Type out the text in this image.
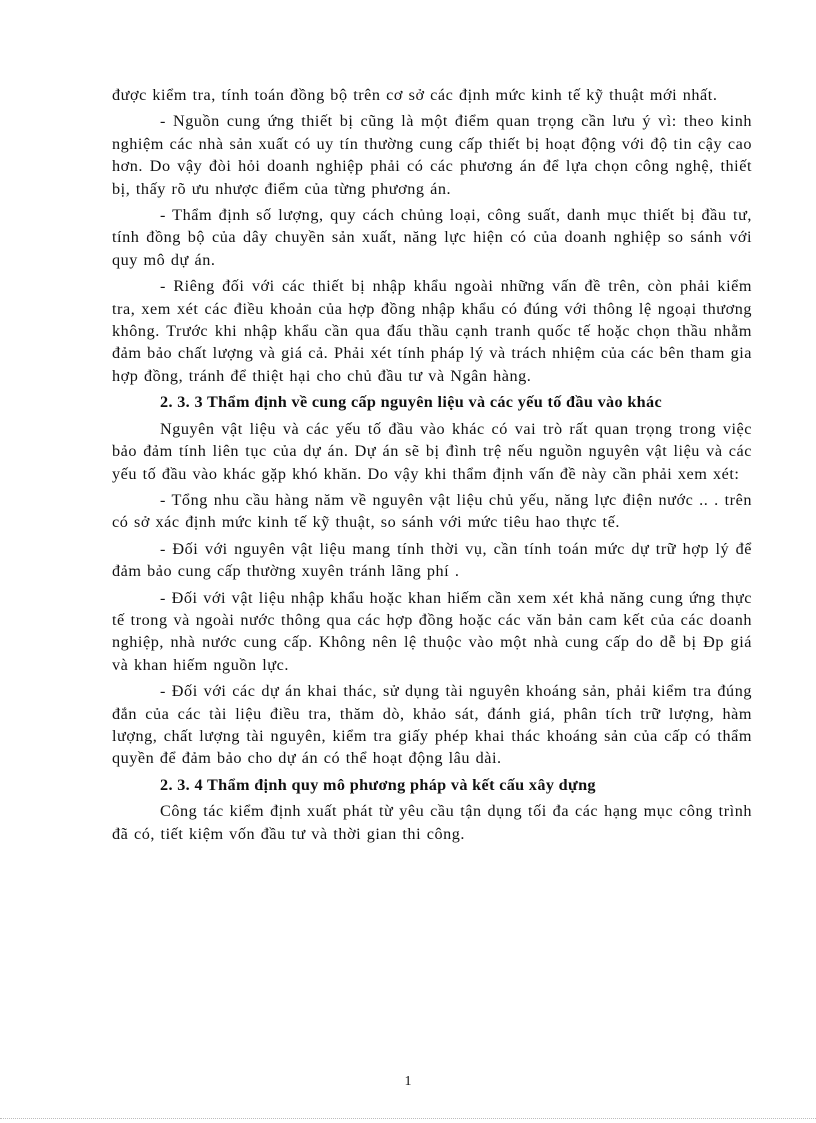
được kiểm tra, tính toán đồng bộ trên cơ sở các định mức kinh tế kỹ thuật mới nhất.

- Nguồn cung ứng thiết bị cũng là một điểm quan trọng cần lưu ý vì: theo kinh nghiệm các nhà sản xuất có uy tín thường cung cấp thiết bị hoạt động với độ tin cậy cao hơn. Do vậy đòi hỏi doanh nghiệp phải có các phương án để lựa chọn công nghệ, thiết bị, thấy rõ ưu nhược điểm của từng phương án.

- Thẩm định số lượng, quy cách chủng loại, công suất, danh mục thiết bị đầu tư, tính đồng bộ của dây chuyền sản xuất, năng lực hiện có của doanh nghiệp so sánh với quy mô dự án.

- Riêng đối với các thiết bị nhập khẩu ngoài những vấn đề trên, còn phải kiểm tra, xem xét các điều khoản của hợp đồng nhập khẩu có đúng với thông lệ ngoại thương không. Trước khi nhập khẩu cần qua đấu thầu cạnh tranh quốc tế hoặc chọn thầu nhằm đảm bảo chất lượng và giá cả. Phải xét tính pháp lý và trách nhiệm của các bên tham gia hợp đồng, tránh để thiệt hại cho chủ đầu tư và Ngân hàng.

2. 3. 3 Thẩm định về cung cấp nguyên liệu và các yếu tố đầu vào khác

Nguyên vật liệu và các yếu tố đầu vào khác có vai trò rất quan trọng trong việc bảo đảm tính liên tục của dự án. Dự án sẽ bị đình trệ nếu nguồn nguyên vật liệu và các yếu tố đầu vào khác gặp khó khăn. Do vậy khi thẩm định vấn đề này cần phải xem xét:

- Tổng nhu cầu hàng năm về nguyên vật liệu chủ yếu, năng lực điện nước .. . trên có sở xác định mức kinh tế kỹ thuật, so sánh với mức tiêu hao thực tế.

- Đối với nguyên vật liệu mang tính thời vụ, cần tính toán mức dự trữ hợp lý để đảm bảo cung cấp thường xuyên tránh lãng phí .

- Đối với vật liệu nhập khẩu hoặc khan hiếm cần xem xét khả năng cung ứng thực tế trong và ngoài nước thông qua các hợp đồng hoặc các văn bản cam kết của các doanh nghiệp, nhà nước cung cấp. Không nên lệ thuộc vào một nhà cung cấp do dễ bị Ðp giá và khan hiếm nguồn lực.

- Đối với các dự án khai thác, sử dụng tài nguyên khoáng sản, phải kiểm tra đúng đắn của các tài liệu điều tra, thăm dò, khảo sát, đánh giá, phân tích trữ lượng, hàm lượng, chất lượng tài nguyên, kiểm tra giấy phép khai thác khoáng sản của cấp có thẩm quyền để đảm bảo cho dự án có thể hoạt động lâu dài.

2. 3. 4 Thẩm định quy mô phương pháp và kết cấu xây dựng

Công tác kiểm định xuất phát từ yêu cầu tận dụng tối đa các hạng mục công trình đã có, tiết kiệm vốn đầu tư và thời gian thi công.

1
